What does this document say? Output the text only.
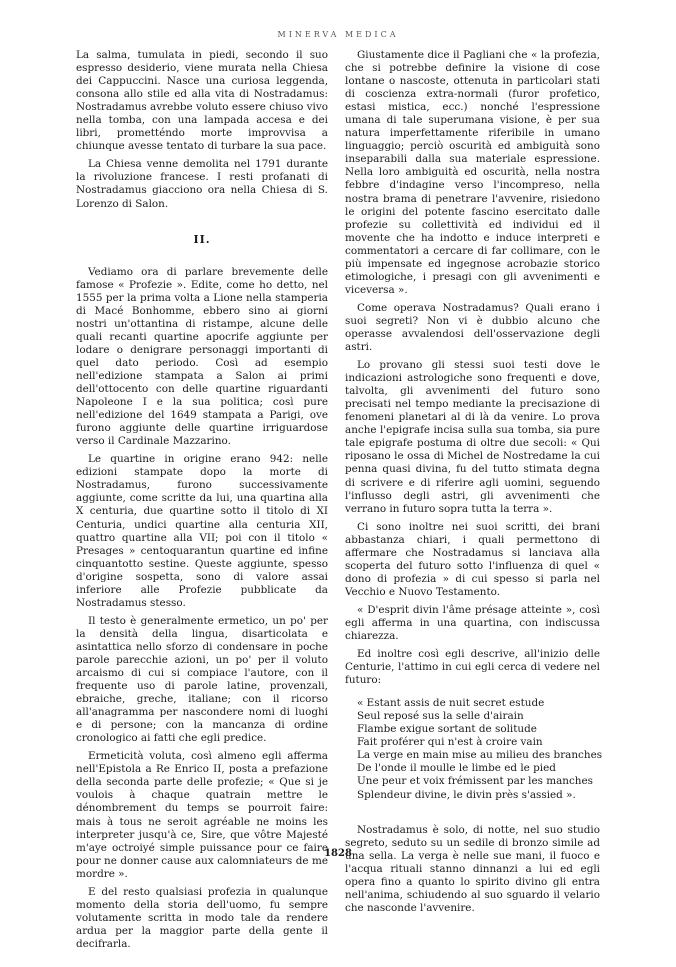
MINERVA MEDICA

La salma, tumulata in piedi, secondo il suo espresso desiderio, viene murata nella Chiesa dei Cappuccini. Nasce una curiosa leggenda, consona allo stile ed alla vita di Nostradamus: Nostradamus avrebbe voluto essere chiuso vivo nella tomba, con una lampada accesa e dei libri, prometténdo morte improvvisa a chiunque avesse tentato di turbare la sua pace.

La Chiesa venne demolita nel 1791 durante la rivoluzione francese. I resti profanati di Nostradamus giacciono ora nella Chiesa di S. Lorenzo di Salon.

II.

Vediamo ora di parlare brevemente delle famose « Profezie ». Edite, come ho detto, nel 1555 per la prima volta a Lione nella stamperia di Macé Bonhomme, ebbero sino ai giorni nostri un'ottantina di ristampe, alcune delle quali recanti quartine apocrife aggiunte per lodare o denigrare personaggi importanti di quel dato periodo. Così ad esempio nell'edizione stampata a Salon ai primi dell'ottocento con delle quartine riguardanti Napoleone I e la sua politica; così pure nell'edizione del 1649 stampata a Parigi, ove furono aggiunte delle quartine irriguardose verso il Cardinale Mazzarino.

Le quartine in origine erano 942: nelle edizioni stampate dopo la morte di Nostradamus, furono successivamente aggiunte, come scritte da lui, una quartina alla X centuria, due quartine sotto il titolo di XI Centuria, undici quartine alla centuria XII, quattro quartine alla VII; poi con il titolo « Presages » centoquarantun quartine ed infine cinquantotto sestine. Queste aggiunte, spesso d'origine sospetta, sono di valore assai inferiore alle Profezie pubblicate da Nostradamus stesso.

Il testo è generalmente ermetico, un po' per la densità della lingua, disarticolata e asintattica nello sforzo di condensare in poche parole parecchie azioni, un po' per il voluto arcaismo di cui si compiace l'autore, con il frequente uso di parole latine, provenzali, ebraiche, greche, italiane; con il ricorso all'anagramma per nascondere nomi di luoghi e di persone; con la mancanza di ordine cronologico ai fatti che egli predice.

Ermeticità voluta, così almeno egli afferma nell'Epistola a Re Enrico II, posta a prefazione della seconda parte delle profezie; « Que si je voulois à chaque quatrain mettre le dénombrement du temps se pourroit faire: mais à tous ne seroit agréable ne moins les interpreter jusqu'à ce, Sire, que vôtre Majesté m'aye octroiyé simple puissance pour ce faire pour ne donner cause aux calomniateurs de me mordre ».

E del resto qualsiasi profezia in qualunque momento della storia dell'uomo, fu sempre volutamente scritta in modo tale da rendere ardua per la maggior parte della gente il decifrarla.

Giustamente dice il Pagliani che « la profezia, che si potrebbe definire la visione di cose lontane o nascoste, ottenuta in particolari stati di coscienza extra-normali (furor profetico, estasi mistica, ecc.) nonché l'espressione umana di tale superumana visione, è per sua natura imperfettamente riferibile in umano linguaggio; perciò oscurità ed ambiguità sono inseparabili dalla sua materiale espressione. Nella loro ambiguità ed oscurità, nella nostra febbre d'indagine verso l'incompreso, nella nostra brama di penetrare l'avvenire, risiedono le origini del potente fascino esercitato dalle profezie su collettività ed individui ed il movente che ha indotto e induce interpreti e commentatori a cercare di far collimare, con le più impensate ed ingegnose acrobazie storico etimologiche, i presagi con gli avvenimenti e viceversa ».

Come operava Nostradamus? Quali erano i suoi segreti? Non vi è dubbio alcuno che operasse avvalendosi dell'osservazione degli astri.

Lo provano gli stessi suoi testi dove le indicazioni astrologiche sono frequenti e dove, talvolta, gli avvenimenti del futuro sono precisati nel tempo mediante la precisazione di fenomeni planetari al di là da venire. Lo prova anche l'epigrafe incisa sulla sua tomba, sia pure tale epigrafe postuma di oltre due secoli: « Qui riposano le ossa di Michel de Nostredame la cui penna quasi divina, fu del tutto stimata degna di scrivere e di riferire agli uomini, seguendo l'influsso degli astri, gli avvenimenti che verrano in futuro sopra tutta la terra ».

Ci sono inoltre nei suoi scritti, dei brani abbastanza chiari, i quali permettono di affermare che Nostradamus si lanciava alla scoperta del futuro sotto l'influenza di quel « dono di profezia » di cui spesso si parla nel Vecchio e Nuovo Testamento.

« D'esprit divin l'âme présage atteinte », così egli afferma in una quartina, con indiscussa chiarezza.

Ed inoltre così egli descrive, all'inizio delle Centurie, l'attimo in cui egli cerca di vedere nel futuro:

« Estant assis de nuit secret estude
Seul reposé sus la selle d'airain
Flambe exigue sortant de solitude
Fait proférer qui n'est à croire vain
La verge en main mise au milieu des branches
De l'onde il moulle le limbe ed le pied
Une peur et voix frémissent par les manches
Splendeur divine, le divin près s'assied ».

Nostradamus è solo, di notte, nel suo studio segreto, seduto su un sedile di bronzo simile ad una sella. La verga è nelle sue mani, il fuoco e l'acqua rituali stanno dinnanzi a lui ed egli opera fino a quanto lo spirito divino gli entra nell'anima, schiudendo al suo sguardo il velario che nasconde l'avvenire.

1828
